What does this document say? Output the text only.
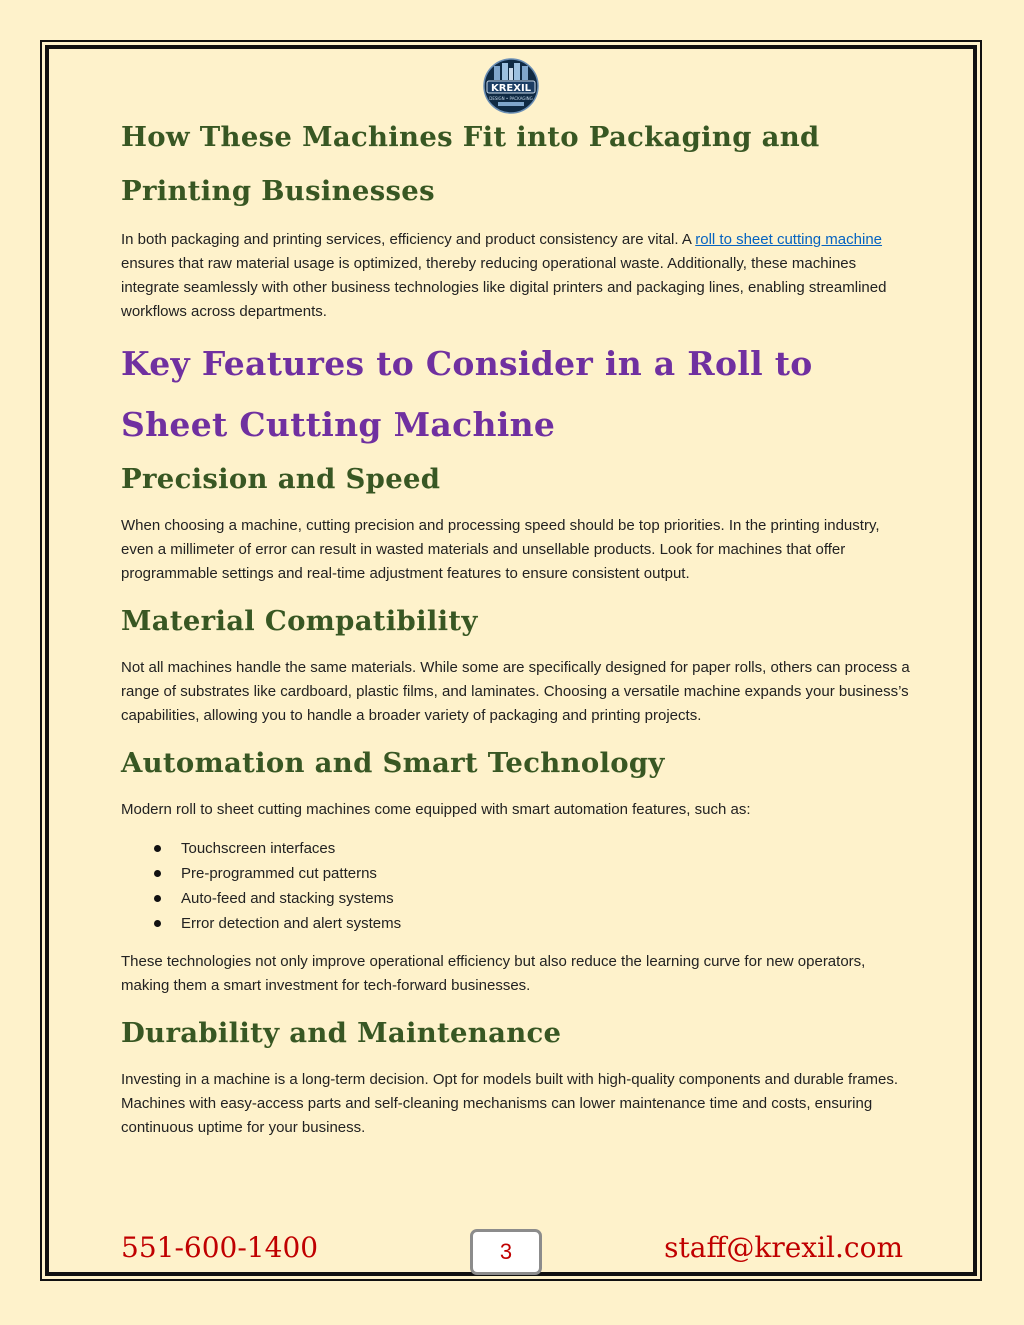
KREXIL
DESIGN • PACKAGING
How These Machines Fit into Packaging and Printing Businesses

In both packaging and printing services, efficiency and product consistency are vital. A roll to sheet cutting machine ensures that raw material usage is optimized, thereby reducing operational waste. Additionally, these machines integrate seamlessly with other business technologies like digital printers and packaging lines, enabling streamlined workflows across departments.

Key Features to Consider in a Roll to Sheet Cutting Machine
Precision and Speed

When choosing a machine, cutting precision and processing speed should be top priorities. In the printing industry, even a millimeter of error can result in wasted materials and unsellable products. Look for machines that offer programmable settings and real-time adjustment features to ensure consistent output.

Material Compatibility

Not all machines handle the same materials. While some are specifically designed for paper rolls, others can process a range of substrates like cardboard, plastic films, and laminates. Choosing a versatile machine expands your business’s capabilities, allowing you to handle a broader variety of packaging and printing projects.

Automation and Smart Technology

Modern roll to sheet cutting machines come equipped with smart automation features, such as:

Touchscreen interfaces
Pre-programmed cut patterns
Auto-feed and stacking systems
Error detection and alert systems

These technologies not only improve operational efficiency but also reduce the learning curve for new operators, making them a smart investment for tech-forward businesses.

Durability and Maintenance

Investing in a machine is a long-term decision. Opt for models built with high-quality components and durable frames. Machines with easy-access parts and self-cleaning mechanisms can lower maintenance time and costs, ensuring continuous uptime for your business.

551-600-1400	3	staff@krexil.com
